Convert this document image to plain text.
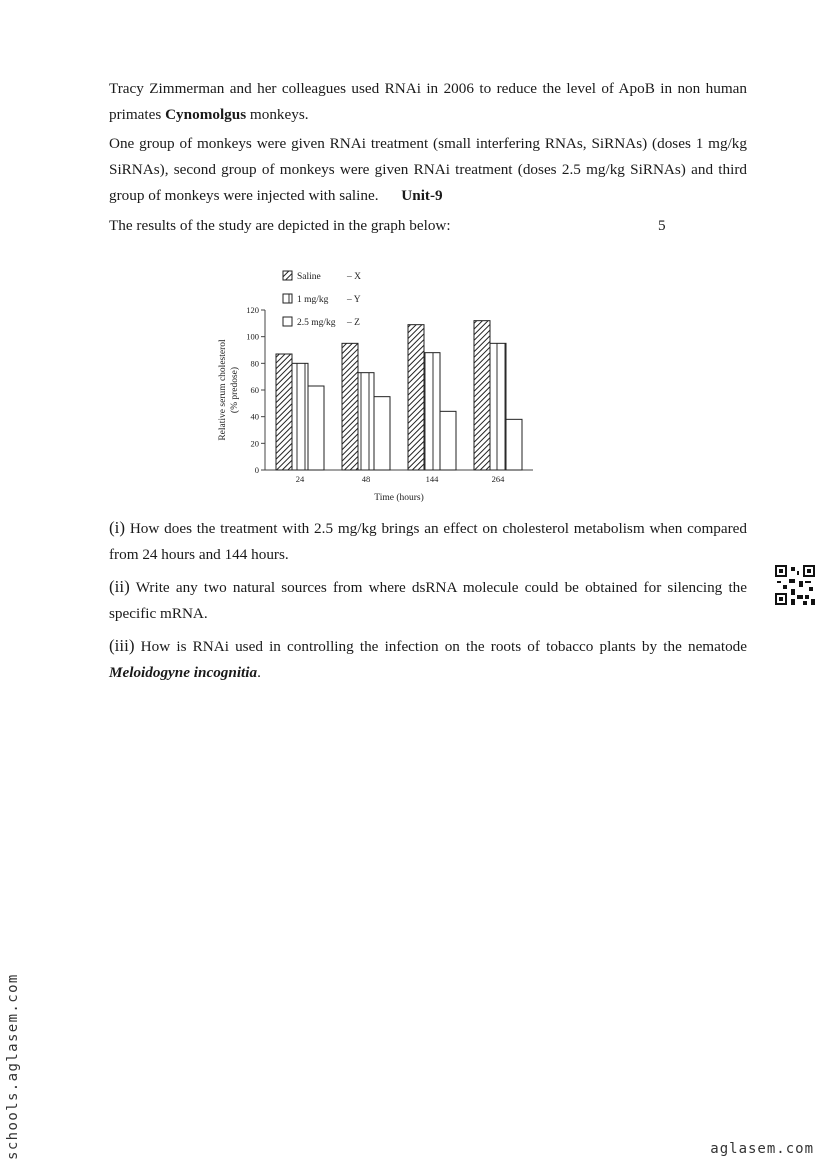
Tracy Zimmerman and her colleagues used RNAi in 2006 to reduce the level of ApoB in non human primates Cynomolgus monkeys.
One group of monkeys were given RNAi treatment (small interfering RNAs, SiRNAs) (doses 1 mg/kg SiRNAs), second group of monkeys were given RNAi treatment (doses 2.5 mg/kg SiRNAs) and third group of monkeys were injected with saline. Unit-9
The results of the study are depicted in the graph below:	5
0
20
40
60
80
100
120
24	48	144	264
Time (hours)
Relative serum cholesterol (% predose)
Saline	– X
1 mg/kg – Y
2.5 mg/kg – Z
(i) How does the treatment with 2.5 mg/kg brings an effect on cholesterol metabolism when compared from 24 hours and 144 hours.
(ii) Write any two natural sources from where dsRNA molecule could be obtained for silencing the specific mRNA.
(iii) How is RNAi used in controlling the infection on the roots of tobacco plants by the nematode Meloidogyne incognitia.
schools.aglasem.com	aglasem.com
